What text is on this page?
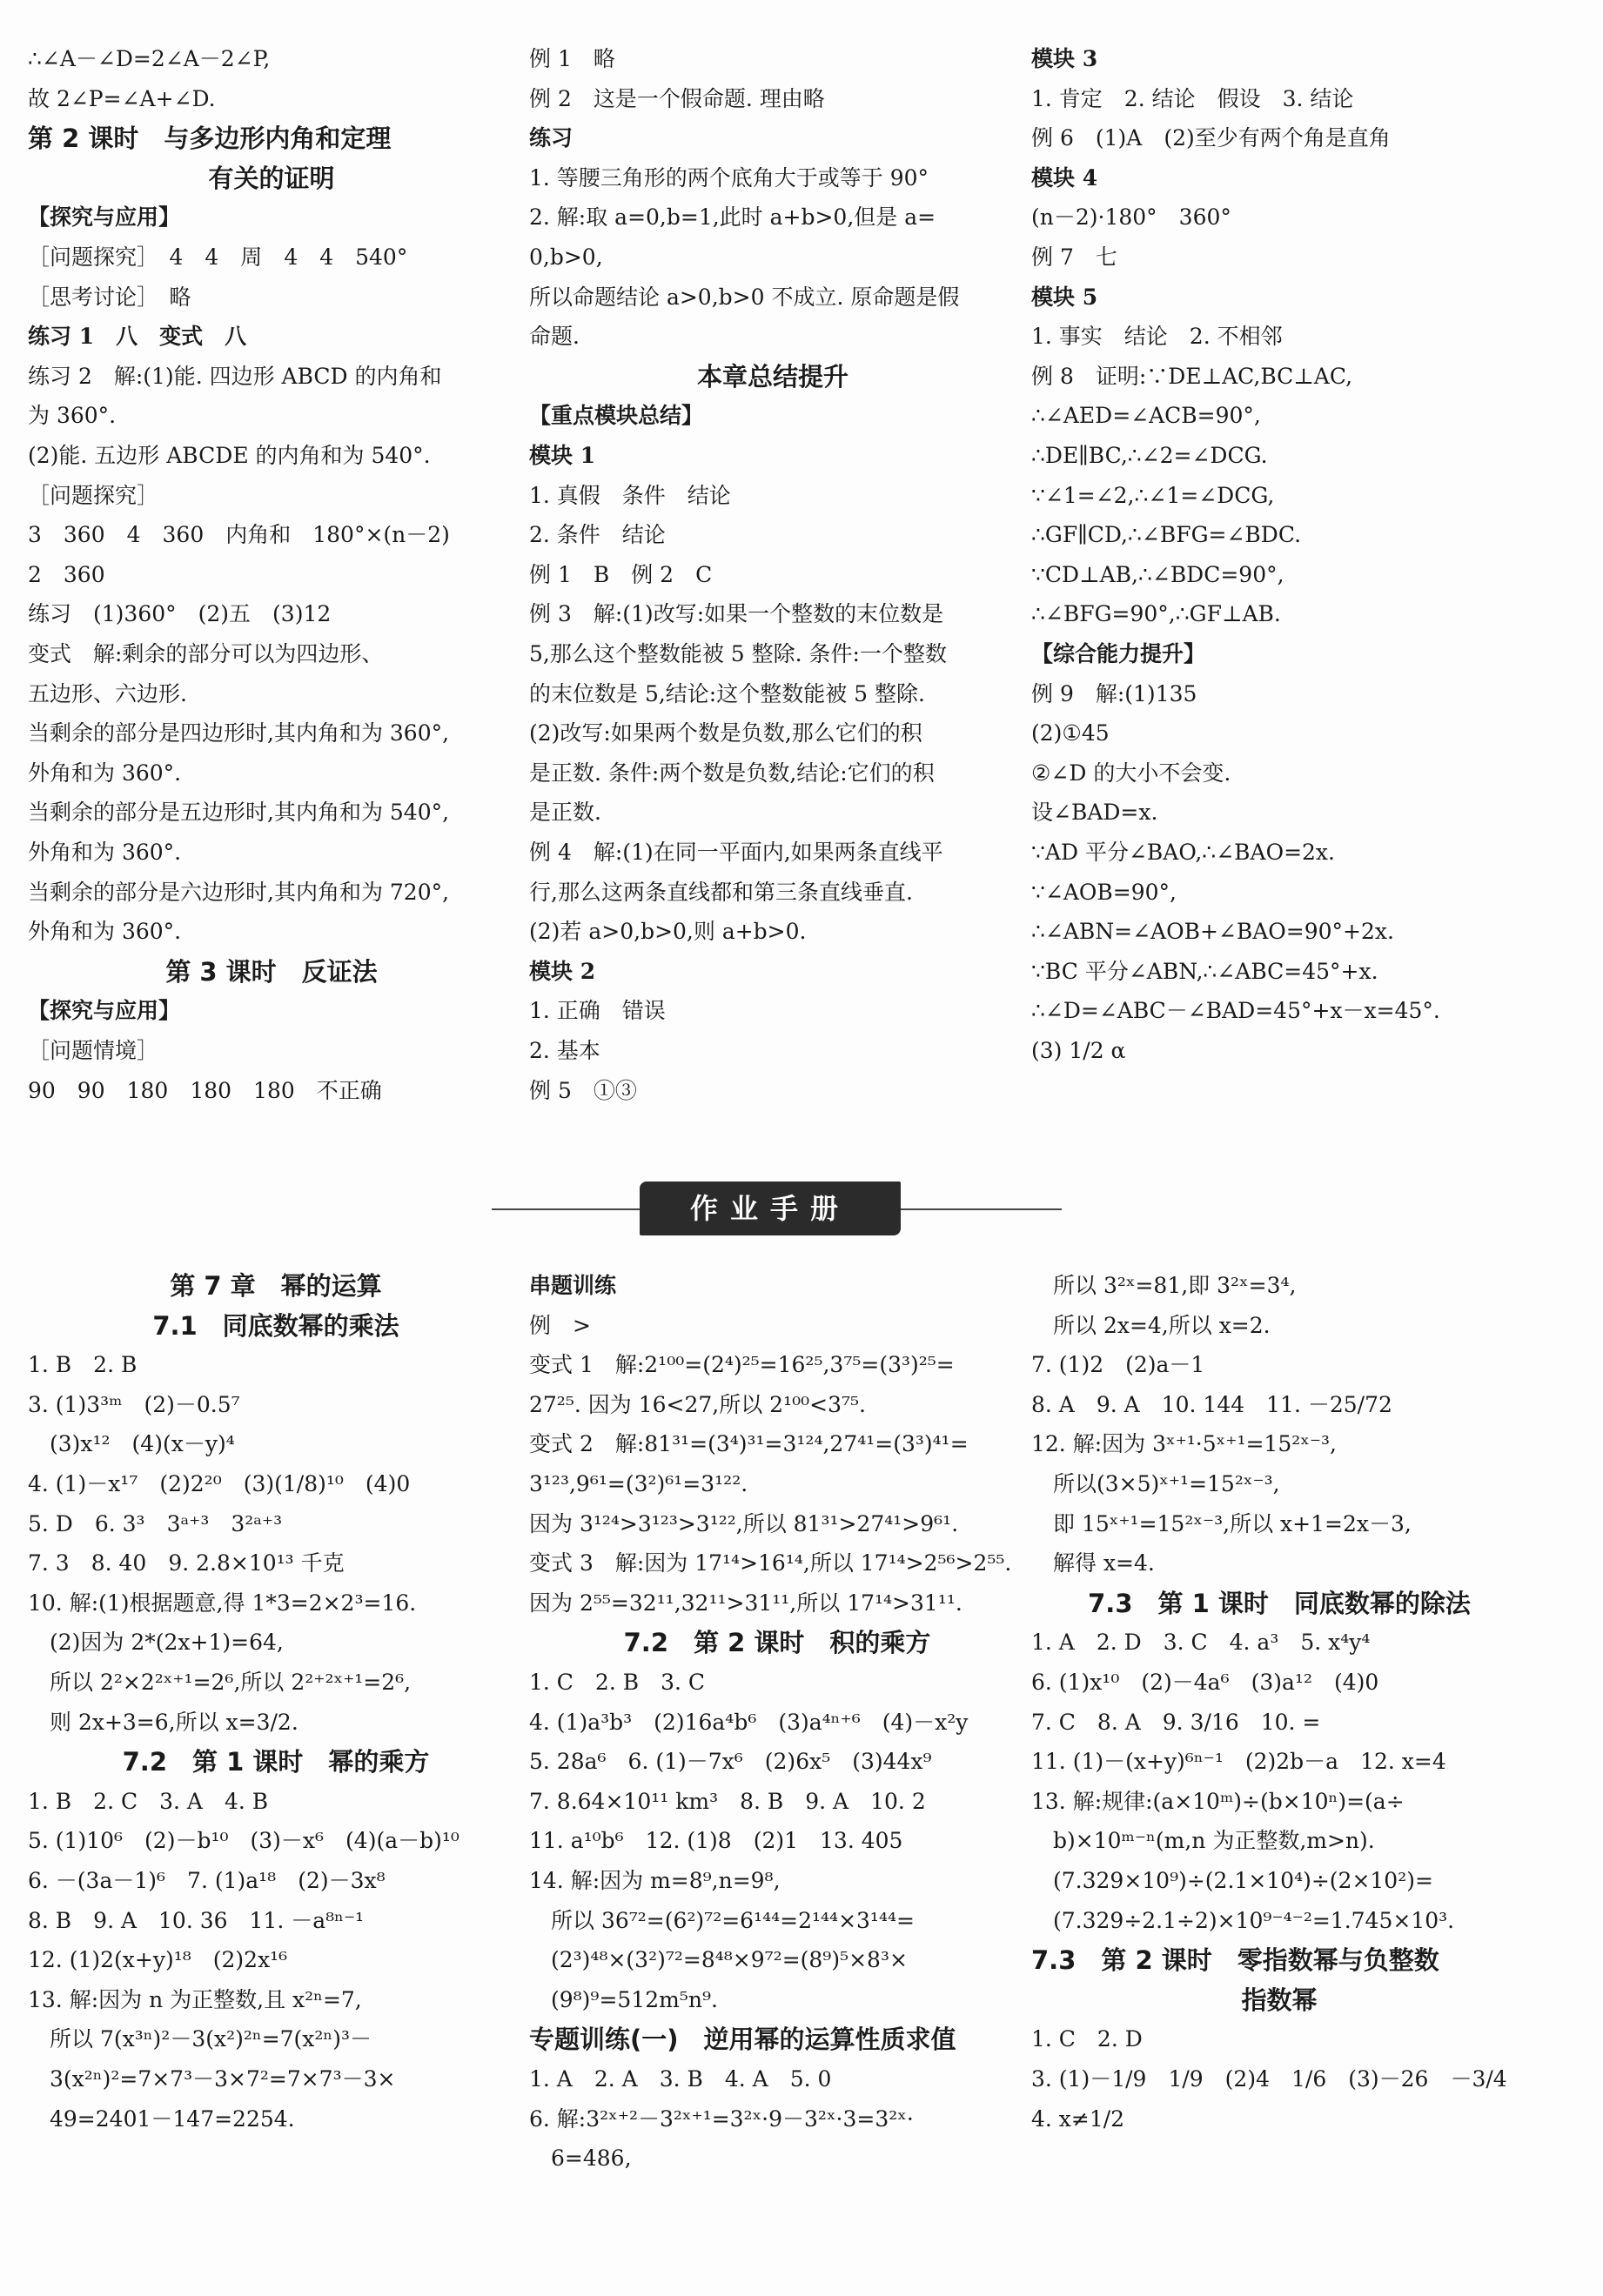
∴∠A－∠D=2∠A－2∠P,
故 2∠P=∠A+∠D.
第 2 课时　与多边形内角和定理
有关的证明
【探究与应用】
［问题探究］　4　4　周　4　4　540°
［思考讨论］　略
练习 1　八　变式　八
练习 2　解:(1)能. 四边形 ABCD 的内角和
为 360°.
(2)能. 五边形 ABCDE 的内角和为 540°.
［问题探究］
3　360　4　360　内角和　180°×(n－2)
2　360
练习　(1)360°　(2)五　(3)12
变式　解:剩余的部分可以为四边形、
五边形、六边形.
当剩余的部分是四边形时,其内角和为 360°,
外角和为 360°.
当剩余的部分是五边形时,其内角和为 540°,
外角和为 360°.
当剩余的部分是六边形时,其内角和为 720°,
外角和为 360°.
第 3 课时　反证法
【探究与应用】
［问题情境］
90　90　180　180　180　不正确
例 1　略
例 2　这是一个假命题. 理由略
练习
1. 等腰三角形的两个底角大于或等于 90°
2. 解:取 a=0,b=1,此时 a+b>0,但是 a=
0,b>0,
所以命题结论 a>0,b>0 不成立. 原命题是假
命题.
本章总结提升
【重点模块总结】
模块 1
1. 真假　条件　结论
2. 条件　结论
例 1　B　例 2　C
例 3　解:(1)改写:如果一个整数的末位数是
5,那么这个整数能被 5 整除. 条件:一个整数
的末位数是 5,结论:这个整数能被 5 整除.
(2)改写:如果两个数是负数,那么它们的积
是正数. 条件:两个数是负数,结论:它们的积
是正数.
例 4　解:(1)在同一平面内,如果两条直线平
行,那么这两条直线都和第三条直线垂直.
(2)若 a>0,b>0,则 a+b>0.
模块 2
1. 正确　错误
2. 基本
例 5　①③
模块 3
1. 肯定　2. 结论　假设　3. 结论
例 6　(1)A　(2)至少有两个角是直角
模块 4
(n－2)·180°　360°
例 7　七
模块 5
1. 事实　结论　2. 不相邻
例 8　证明:∵DE⊥AC,BC⊥AC,
∴∠AED=∠ACB=90°,
∴DE∥BC,∴∠2=∠DCG.
∵∠1=∠2,∴∠1=∠DCG,
∴GF∥CD,∴∠BFG=∠BDC.
∵CD⊥AB,∴∠BDC=90°,
∴∠BFG=90°,∴GF⊥AB.
【综合能力提升】
例 9　解:(1)135
(2)①45
②∠D 的大小不会变.
设∠BAD=x.
∵AD 平分∠BAO,∴∠BAO=2x.
∵∠AOB=90°,
∴∠ABN=∠AOB+∠BAO=90°+2x.
∵BC 平分∠ABN,∴∠ABC=45°+x.
∴∠D=∠ABC－∠BAD=45°+x－x=45°.
(3) 1/2 α
作业手册
第 7 章　幂的运算
7.1　同底数幂的乘法
1. B　2. B
3. (1)3³ᵐ　(2)－0.5⁷
　(3)x¹²　(4)(x－y)⁴
4. (1)－x¹⁷　(2)2²⁰　(3)(1/8)¹⁰　(4)0
5. D　6. 3³　3ᵃ⁺³　3²ᵃ⁺³
7. 3　8. 40　9. 2.8×10¹³ 千克
10. 解:(1)根据题意,得 1*3=2×2³=16.
　(2)因为 2*(2x+1)=64,
　所以 2²×2²ˣ⁺¹=2⁶,所以 2²⁺²ˣ⁺¹=2⁶,
　则 2x+3=6,所以 x=3/2.
7.2　第 1 课时　幂的乘方
1. B　2. C　3. A　4. B
5. (1)10⁶　(2)－b¹⁰　(3)－x⁶　(4)(a－b)¹⁰
6. －(3a－1)⁶　7. (1)a¹⁸　(2)－3x⁸
8. B　9. A　10. 36　11. －a⁸ⁿ⁻¹
12. (1)2(x+y)¹⁸　(2)2x¹⁶
13. 解:因为 n 为正整数,且 x²ⁿ=7,
　所以 7(x³ⁿ)²－3(x²)²ⁿ=7(x²ⁿ)³－
　3(x²ⁿ)²=7×7³－3×7²=7×7³－3×
　49=2401－147=2254.
串题训练
例　>
变式 1　解:2¹⁰⁰=(2⁴)²⁵=16²⁵,3⁷⁵=(3³)²⁵=
27²⁵. 因为 16<27,所以 2¹⁰⁰<3⁷⁵.
变式 2　解:81³¹=(3⁴)³¹=3¹²⁴,27⁴¹=(3³)⁴¹=
3¹²³,9⁶¹=(3²)⁶¹=3¹²².
因为 3¹²⁴>3¹²³>3¹²²,所以 81³¹>27⁴¹>9⁶¹.
变式 3　解:因为 17¹⁴>16¹⁴,所以 17¹⁴>2⁵⁶>2⁵⁵.
因为 2⁵⁵=32¹¹,32¹¹>31¹¹,所以 17¹⁴>31¹¹.
7.2　第 2 课时　积的乘方
1. C　2. B　3. C
4. (1)a³b³　(2)16a⁴b⁶　(3)a⁴ⁿ⁺⁶　(4)－x²y
5. 28a⁶　6. (1)－7x⁶　(2)6x⁵　(3)44x⁹
7. 8.64×10¹¹ km³　8. B　9. A　10. 2
11. a¹⁰b⁶　12. (1)8　(2)1　13. 405
14. 解:因为 m=8⁹,n=9⁸,
　所以 36⁷²=(6²)⁷²=6¹⁴⁴=2¹⁴⁴×3¹⁴⁴=
　(2³)⁴⁸×(3²)⁷²=8⁴⁸×9⁷²=(8⁹)⁵×8³×
　(9⁸)⁹=512m⁵n⁹.
专题训练(一)　逆用幂的运算性质求值
1. A　2. A　3. B　4. A　5. 0
6. 解:3²ˣ⁺²－3²ˣ⁺¹=3²ˣ·9－3²ˣ·3=3²ˣ·
　6=486,
　所以 3²ˣ=81,即 3²ˣ=3⁴,
　所以 2x=4,所以 x=2.
7. (1)2　(2)a－1
8. A　9. A　10. 144　11. －25/72
12. 解:因为 3ˣ⁺¹·5ˣ⁺¹=15²ˣ⁻³,
　所以(3×5)ˣ⁺¹=15²ˣ⁻³,
　即 15ˣ⁺¹=15²ˣ⁻³,所以 x+1=2x－3,
　解得 x=4.
7.3　第 1 课时　同底数幂的除法
1. A　2. D　3. C　4. a³　5. x⁴y⁴
6. (1)x¹⁰　(2)－4a⁶　(3)a¹²　(4)0
7. C　8. A　9. 3/16　10. =
11. (1)－(x+y)⁶ⁿ⁻¹　(2)2b－a　12. x=4
13. 解:规律:(a×10ᵐ)÷(b×10ⁿ)=(a÷
　b)×10ᵐ⁻ⁿ(m,n 为正整数,m>n).
　(7.329×10⁹)÷(2.1×10⁴)÷(2×10²)=
　(7.329÷2.1÷2)×10⁹⁻⁴⁻²=1.745×10³.
7.3　第 2 课时　零指数幂与负整数
指数幂
1. C　2. D
3. (1)－1/9　1/9　(2)4　1/6　(3)－26　－3/4
4. x≠1/2
